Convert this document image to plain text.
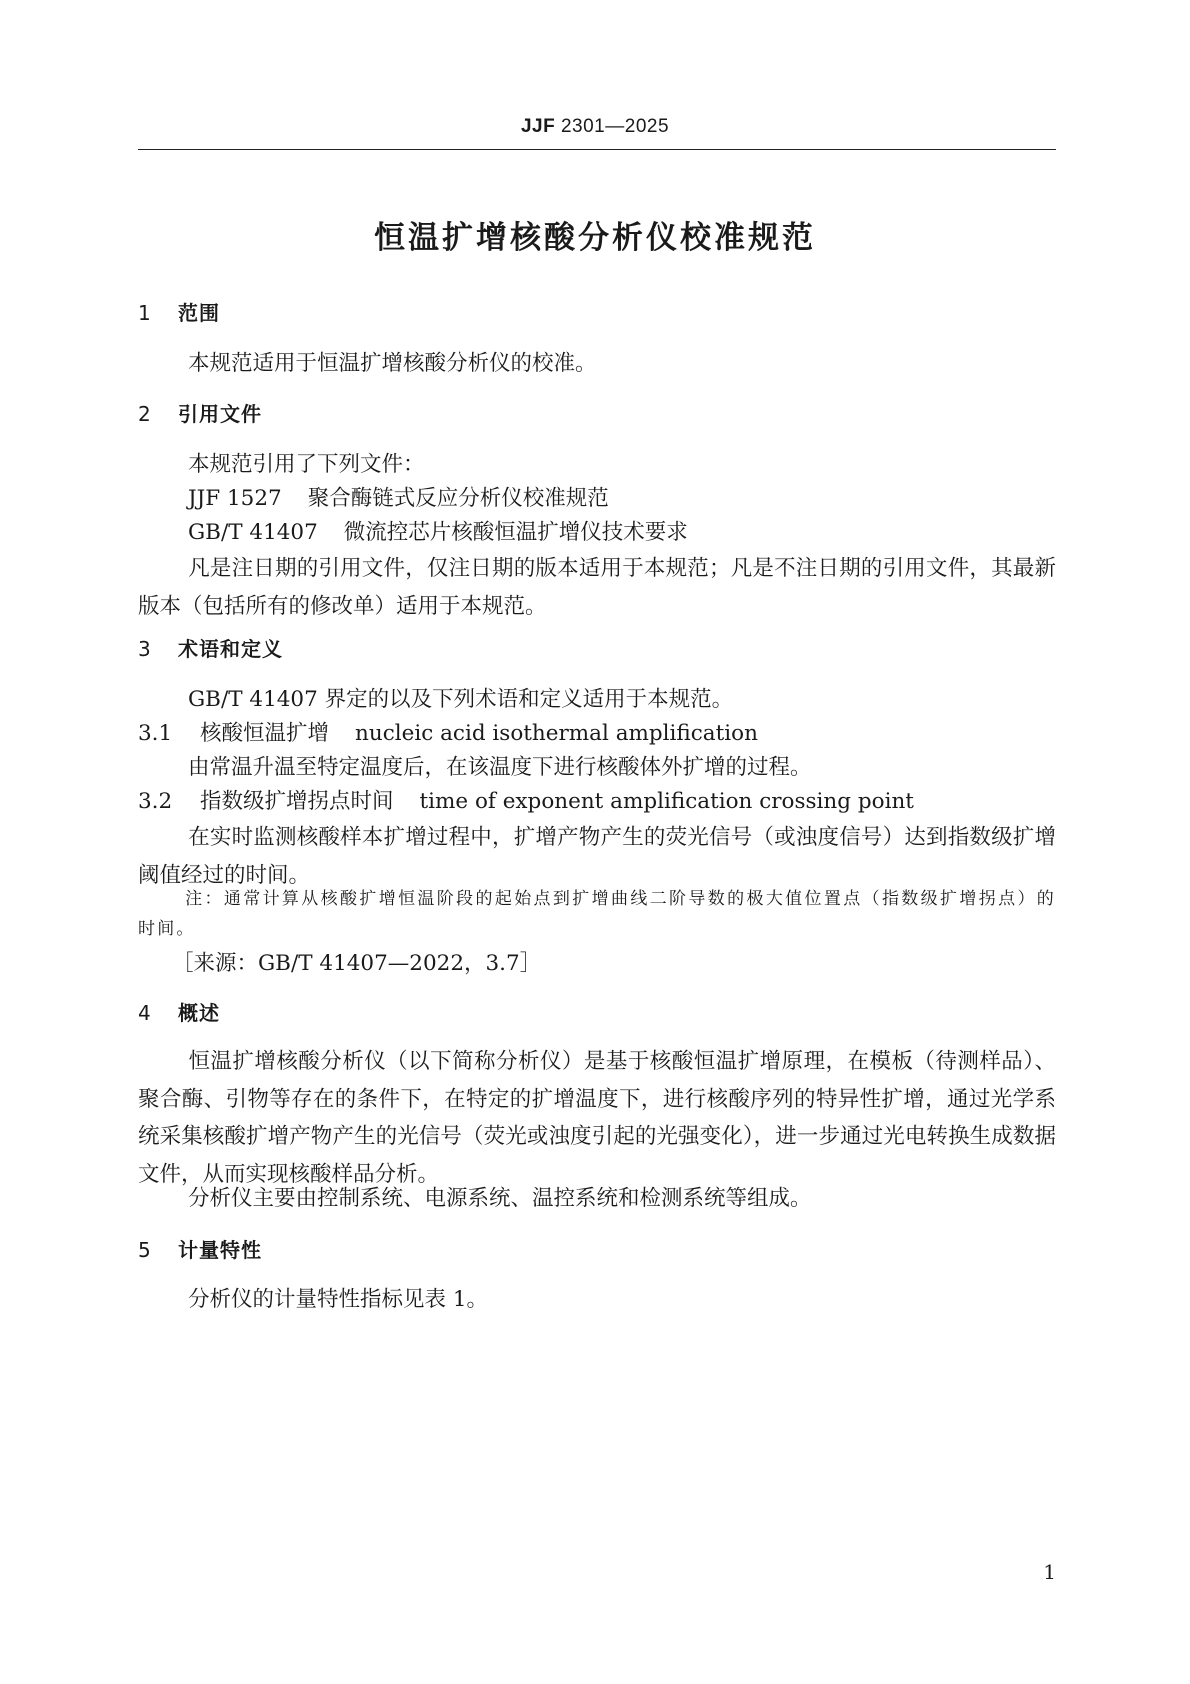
JJF 2301—2025
恒温扩增核酸分析仪校准规范
1 范围
本规范适用于恒温扩增核酸分析仪的校准。
2 引用文件
本规范引用了下列文件：
JJF 1527 聚合酶链式反应分析仪校准规范
GB/T 41407 微流控芯片核酸恒温扩增仪技术要求
凡是注日期的引用文件，仅注日期的版本适用于本规范；凡是不注日期的引用文件，其最新版本（包括所有的修改单）适用于本规范。
3 术语和定义
GB/T 41407 界定的以及下列术语和定义适用于本规范。
3.1 核酸恒温扩增 nucleic acid isothermal amplification
由常温升温至特定温度后，在该温度下进行核酸体外扩增的过程。
3.2 指数级扩增拐点时间 time of exponent amplification crossing point
在实时监测核酸样本扩增过程中，扩增产物产生的荧光信号（或浊度信号）达到指数级扩增阈值经过的时间。
注：通常计算从核酸扩增恒温阶段的起始点到扩增曲线二阶导数的极大值位置点（指数级扩增拐点）的时间。
［来源：GB/T 41407—2022，3.7］
4 概述
恒温扩增核酸分析仪（以下简称分析仪）是基于核酸恒温扩增原理，在模板（待测样品）、聚合酶、引物等存在的条件下，在特定的扩增温度下，进行核酸序列的特异性扩增，通过光学系统采集核酸扩增产物产生的光信号（荧光或浊度引起的光强变化），进一步通过光电转换生成数据文件，从而实现核酸样品分析。
分析仪主要由控制系统、电源系统、温控系统和检测系统等组成。
5 计量特性
分析仪的计量特性指标见表 1。
1
